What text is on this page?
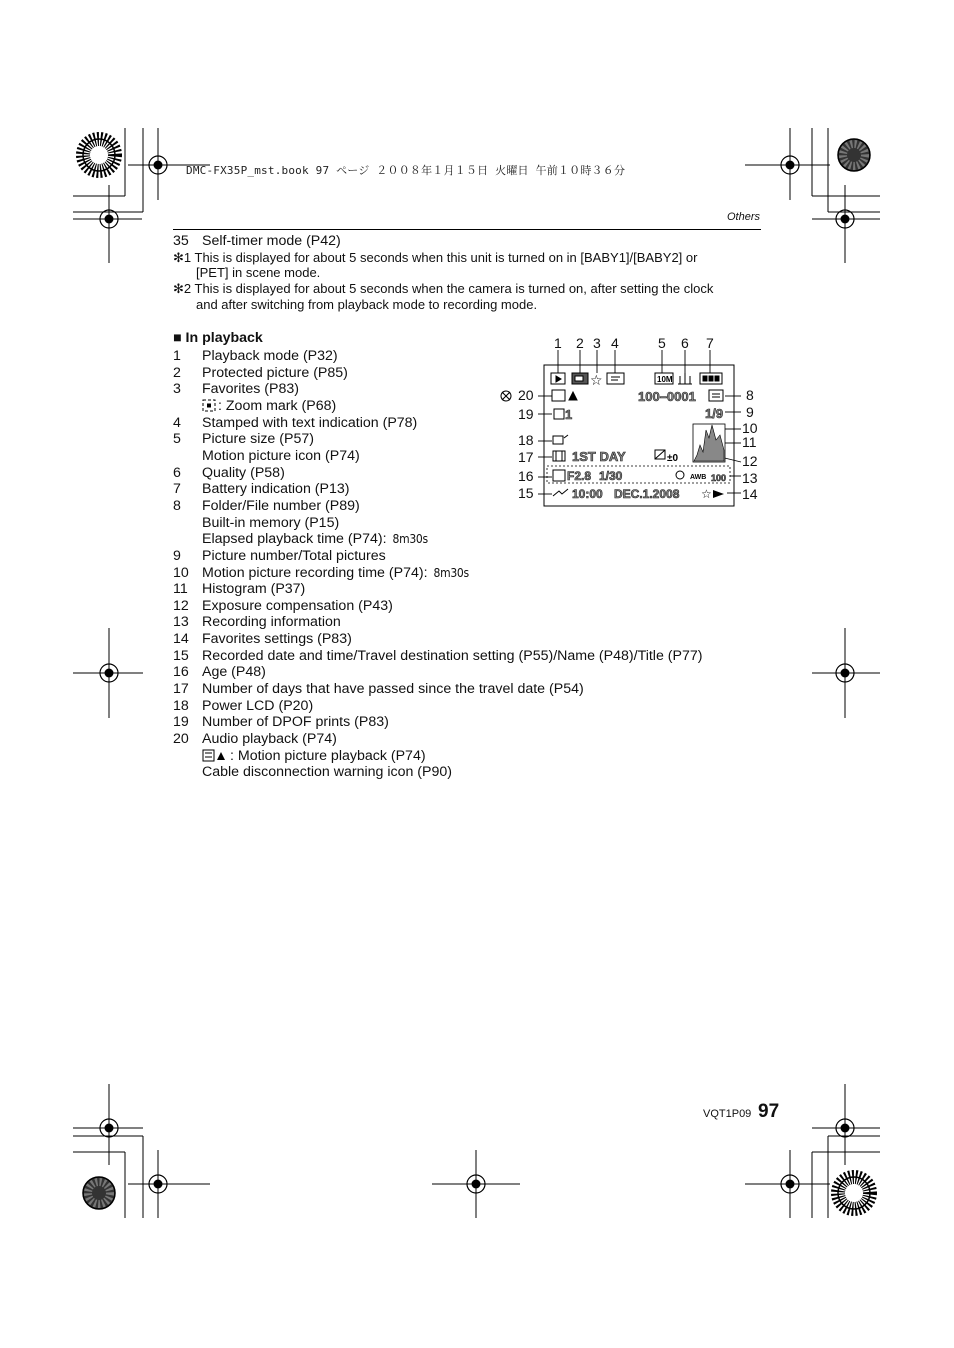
DMC-FX35P_mst.book 97 ページ ２００８年１月１５日 火曜日 午前１０時３６分
Others
35 Self-timer mode (P42)
✻1 This is displayed for about 5 seconds when this unit is turned on in [BABY1]/[BABY2] or
[PET] in scene mode.
✻2 This is displayed for about 5 seconds when the camera is turned on, after setting the clock
and after switching from playback mode to recording mode.
■ In playback
1 Playback mode (P32)
2 Protected picture (P85)
3 Favorites (P83)
: Zoom mark (P68)
4 Stamped with text indication (P78)
5 Picture size (P57)
Motion picture icon (P74)
6 Quality (P58)
7 Battery indication (P13)
8 Folder/File number (P89)
Built-in memory (P15)
Elapsed playback time (P74): 8m30s
9 Picture number/Total pictures
10 Motion picture recording time (P74): 8m30s
11 Histogram (P37)
12 Exposure compensation (P43)
13 Recording information
14 Favorites settings (P83)
15 Recorded date and time/Travel destination setting (P55)/Name (P48)/Title (P77)
16 Age (P48)
17 Number of days that have passed since the travel date (P54)
18 Power LCD (P20)
19 Number of DPOF prints (P83)
20 Audio playback (P74)
: Motion picture playback (P74)
Cable disconnection warning icon (P90)
1 2 3 4	5 6 7
8
9
10
11
12
13
14
20
19
18
17
16
15
☆	10M
100–0001
1	1/9
1ST DAY	±0
F2.8 1/30	AWB 100
10:00 DEC.1.2008 ☆
VQT1P09 97
